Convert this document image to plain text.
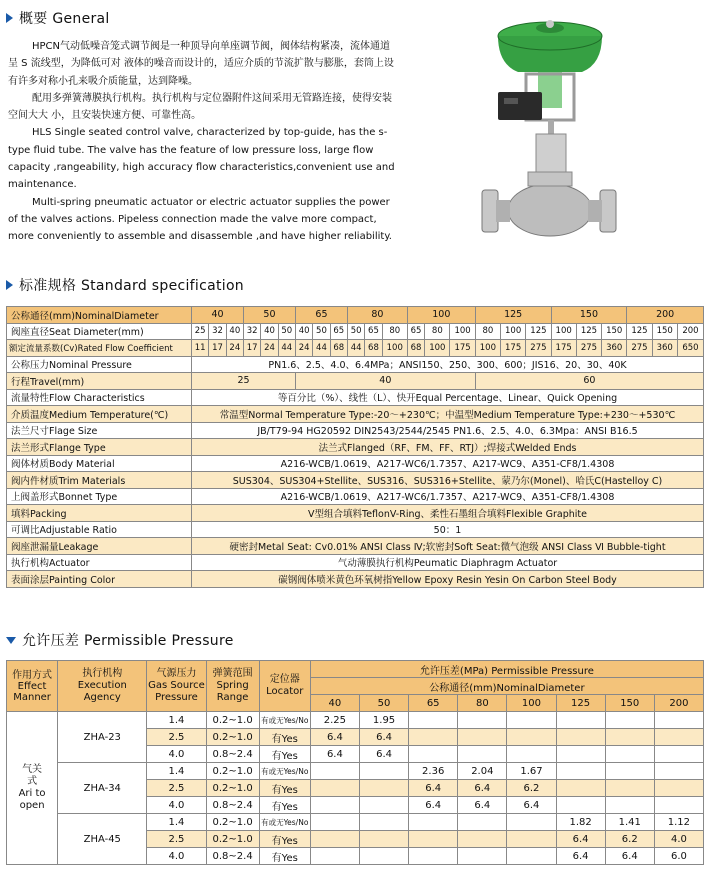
概要 General

HPCN气动低噪音笼式调节阀是一种顶导向单座调节阀，阀体结构紧凑，流体通道呈 S 流线型，为降低可对 液体的噪音而设计的，适应介质的节流扩散与膨胀，套筒上设有许多对称小孔来吸介质能量，达到降噪。

配用多弹簧薄膜执行机构。执行机构与定位器附件这间采用无管路连接，使得安装空间大大 小，且安装快速方便、可靠性高。

HLS Single seated control valve, characterized by top-guide, has the s-type fluid tube. The valve has the feature of low pressure loss, large flow capacity ,rangeability, high accuracy flow characteristics,convenient use and maintenance.

Multi-spring pneumatic actuator or electric actuator supplies the power of the valves actions. Pipeless connection made the valve more compact, more conveniently to assemble and disassemble ,and have higher reliability.

标准规格 Standard specification
公称通径(mm)NominalDiameter	40			50			65			80			100			125			150			200		
阀座直径Seat Diameter(mm)	25	32	40	32	40	50	40	50	65	50	65	80	65	80	100	80	100	125	100	125	150	125	150	200
额定流量系数(Cv)Rated Flow Coefficient	11	17	24	17	24	44	24	44	68	44	68	100	68	100	175	100	175	275	175	275	360	275	360	650
公称压力Nominal Pressure	PN1.6、2.5、4.0、6.4MPa；ANSI150、250、300、600；JIS16、20、30、40K																							
行程Travel(mm)	25						40									60								
流量特性Flow Characteristics	等百分比（%）、线性（L）、快开Equal Percentage、Linear、Quick Opening																							
介质温度Medium Temperature(℃)	常温型Normal Temperature Type:-20～+230℃；中温型Medium Temperature Type:+230～+530℃																							
法兰尺寸Flage Size	JB/T79-94 HG20592 DIN2543/2544/2545 PN1.6、2.5、4.0、6.3Mpa：ANSI B16.5																							
法兰形式Flange Type	法兰式Flanged（RF、FM、FF、RTJ）;焊接式Welded Ends																							
阀体材质Body Material	A216-WCB/1.0619、A217-WC6/1.7357、A217-WC9、A351-CF8/1.4308																							
阀内件材质Trim Materials	SUS304、SUS304+Stellite、SUS316、SUS316+Stellite、蒙乃尔(Monel)、哈氏C(Hastelloy C)																							
上阀盖形式Bonnet Type	A216-WCB/1.0619、A217-WC6/1.7357、A217-WC9、A351-CF8/1.4308																							
填料Packing	V型组合填料TeflonV-Ring、柔性石墨组合填料Flexible Graphite																							
可调比Adjustable Ratio	50：1																							
阀座泄漏量Leakage	硬密封Metal Seat: Cv0.01% ANSI Class Ⅳ;软密封Soft Seat:微气泡级 ANSI Class Ⅵ Bubble-tight																							
执行机构Actuator	气动薄膜执行机构Peumatic Diaphragm Actuator																							
表面涂层Painting Color	碳钢阀体喷米黄色环氧树指Yellow Epoxy Resin Yesin On Carbon Steel Body																							
允许压差 Permissible Pressure
作用方式Effect Manner	执行机构Execution Agency	气源压力Gas Source Pressure	弹簧范围Spring Range	定位器Locator	允许压差(MPa) Permissible Pressure							
					公称通径(mm)NominalDiameter							
					40	50	65	80	100	125	150	200

气关式
Ari to open	ZHA-23	1.4	0.2~1.0	有或无Yes/No	2.25	1.95						
		2.5	0.2~1.0	有Yes	6.4	6.4						
		4.0	0.8~2.4	有Yes	6.4	6.4						
	ZHA-34	1.4	0.2~1.0	有或无Yes/No			2.36	2.04	1.67			
		2.5	0.2~1.0	有Yes			6.4	6.4	6.2			
		4.0	0.8~2.4	有Yes			6.4	6.4	6.4			
	ZHA-45	1.4	0.2~1.0	有或无Yes/No						1.82	1.41	1.12
		2.5	0.2~1.0	有Yes						6.4	6.2	4.0
		4.0	0.8~2.4	有Yes						6.4	6.4	6.0
